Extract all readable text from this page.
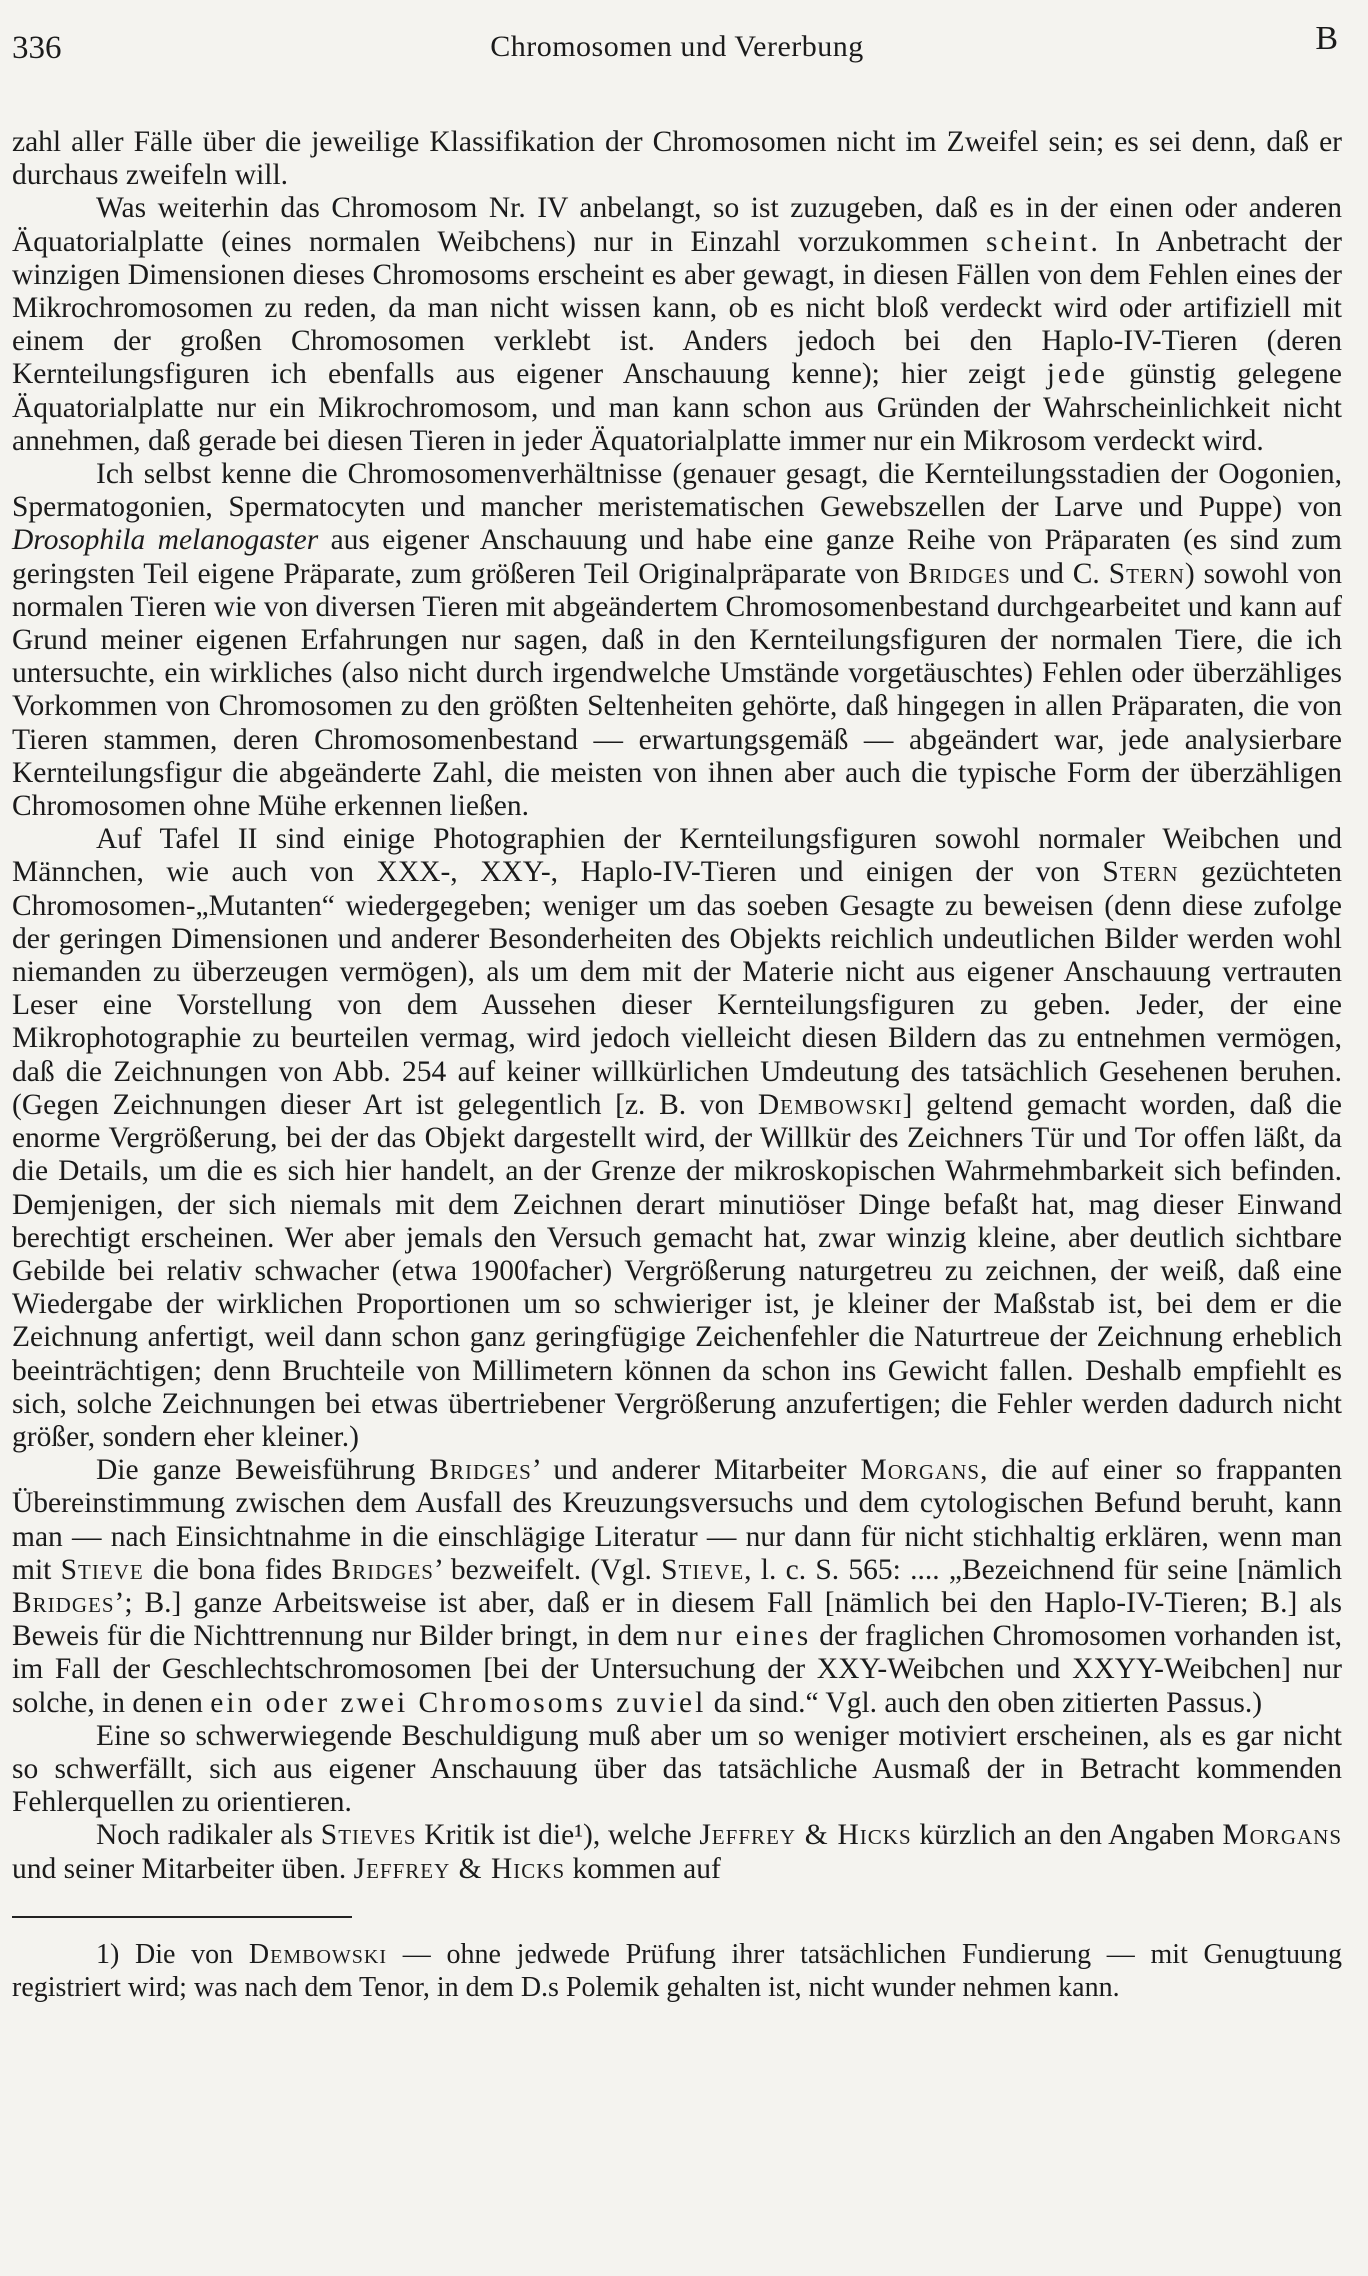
336	Chromosomen und Vererbung	B

zahl aller Fälle über die jeweilige Klassifikation der Chromosomen nicht im Zweifel sein; es sei denn, daß er durchaus zweifeln will.

Was weiterhin das Chromosom Nr. IV anbelangt, so ist zuzugeben, daß es in der einen oder anderen Äquatorialplatte (eines normalen Weibchens) nur in Einzahl vorzukommen scheint. In Anbetracht der winzigen Dimensionen dieses Chromosoms erscheint es aber gewagt, in diesen Fällen von dem Fehlen eines der Mikrochromosomen zu reden, da man nicht wissen kann, ob es nicht bloß verdeckt wird oder artifiziell mit einem der großen Chromosomen verklebt ist. Anders jedoch bei den Haplo-IV-Tieren (deren Kernteilungsfiguren ich ebenfalls aus eigener Anschauung kenne); hier zeigt jede günstig gelegene Äquatorialplatte nur ein Mikrochromosom, und man kann schon aus Gründen der Wahrscheinlichkeit nicht annehmen, daß gerade bei diesen Tieren in jeder Äquatorialplatte immer nur ein Mikrosom verdeckt wird.

Ich selbst kenne die Chromosomenverhältnisse (genauer gesagt, die Kernteilungsstadien der Oogonien, Spermatogonien, Spermatocyten und mancher meristematischen Gewebszellen der Larve und Puppe) von Drosophila melanogaster aus eigener Anschauung und habe eine ganze Reihe von Präparaten (es sind zum geringsten Teil eigene Präparate, zum größeren Teil Originalpräparate von Bridges und C. Stern) sowohl von normalen Tieren wie von diversen Tieren mit abgeändertem Chromosomenbestand durchgearbeitet und kann auf Grund meiner eigenen Erfahrungen nur sagen, daß in den Kernteilungsfiguren der normalen Tiere, die ich untersuchte, ein wirkliches (also nicht durch irgendwelche Umstände vorgetäuschtes) Fehlen oder überzähliges Vorkommen von Chromosomen zu den größten Seltenheiten gehörte, daß hingegen in allen Präparaten, die von Tieren stammen, deren Chromosomenbestand — erwartungsgemäß — abgeändert war, jede analysierbare Kernteilungsfigur die abgeänderte Zahl, die meisten von ihnen aber auch die typische Form der überzähligen Chromosomen ohne Mühe erkennen ließen.

Auf Tafel II sind einige Photographien der Kernteilungsfiguren sowohl normaler Weibchen und Männchen, wie auch von XXX-, XXY-, Haplo-IV-Tieren und einigen der von Stern gezüchteten Chromosomen-„Mutanten“ wiedergegeben; weniger um das soeben Gesagte zu beweisen (denn diese zufolge der geringen Dimensionen und anderer Besonderheiten des Objekts reichlich undeutlichen Bilder werden wohl niemanden zu überzeugen vermögen), als um dem mit der Materie nicht aus eigener Anschauung vertrauten Leser eine Vorstellung von dem Aussehen dieser Kernteilungsfiguren zu geben. Jeder, der eine Mikrophotographie zu beurteilen vermag, wird jedoch vielleicht diesen Bildern das zu entnehmen vermögen, daß die Zeichnungen von Abb. 254 auf keiner willkürlichen Umdeutung des tatsächlich Gesehenen beruhen. (Gegen Zeichnungen dieser Art ist gelegentlich [z. B. von Dembowski] geltend gemacht worden, daß die enorme Vergrößerung, bei der das Objekt dargestellt wird, der Willkür des Zeichners Tür und Tor offen läßt, da die Details, um die es sich hier handelt, an der Grenze der mikroskopischen Wahrmehmbarkeit sich befinden. Demjenigen, der sich niemals mit dem Zeichnen derart minutiöser Dinge befaßt hat, mag dieser Einwand berechtigt erscheinen. Wer aber jemals den Versuch gemacht hat, zwar winzig kleine, aber deutlich sichtbare Gebilde bei relativ schwacher (etwa 1900facher) Vergrößerung naturgetreu zu zeichnen, der weiß, daß eine Wiedergabe der wirklichen Proportionen um so schwieriger ist, je kleiner der Maßstab ist, bei dem er die Zeichnung anfertigt, weil dann schon ganz geringfügige Zeichenfehler die Naturtreue der Zeichnung erheblich beeinträchtigen; denn Bruchteile von Millimetern können da schon ins Gewicht fallen. Deshalb empfiehlt es sich, solche Zeichnungen bei etwas übertriebener Vergrößerung anzufertigen; die Fehler werden dadurch nicht größer, sondern eher kleiner.)

Die ganze Beweisführung Bridges’ und anderer Mitarbeiter Morgans, die auf einer so frappanten Übereinstimmung zwischen dem Ausfall des Kreuzungsversuchs und dem cytologischen Befund beruht, kann man — nach Einsichtnahme in die einschlägige Literatur — nur dann für nicht stichhaltig erklären, wenn man mit Stieve die bona fides Bridges’ bezweifelt. (Vgl. Stieve, l. c. S. 565: .... „Bezeichnend für seine [nämlich Bridges’; B.] ganze Arbeitsweise ist aber, daß er in diesem Fall [nämlich bei den Haplo-IV-Tieren; B.] als Beweis für die Nichttrennung nur Bilder bringt, in dem nur eines der fraglichen Chromosomen vorhanden ist, im Fall der Geschlechtschromosomen [bei der Untersuchung der XXY-Weibchen und XXYY-Weibchen] nur solche, in denen ein oder zwei Chromosoms zuviel da sind.“ Vgl. auch den oben zitierten Passus.)

Eine so schwerwiegende Beschuldigung muß aber um so weniger motiviert erscheinen, als es gar nicht so schwerfällt, sich aus eigener Anschauung über das tatsächliche Ausmaß der in Betracht kommenden Fehlerquellen zu orientieren.

Noch radikaler als Stieves Kritik ist die¹), welche Jeffrey & Hicks kürzlich an den Angaben Morgans und seiner Mitarbeiter üben. Jeffrey & Hicks kommen auf

1) Die von Dembowski — ohne jedwede Prüfung ihrer tatsächlichen Fundierung — mit Genugtuung registriert wird; was nach dem Tenor, in dem D.s Polemik gehalten ist, nicht wunder nehmen kann.
